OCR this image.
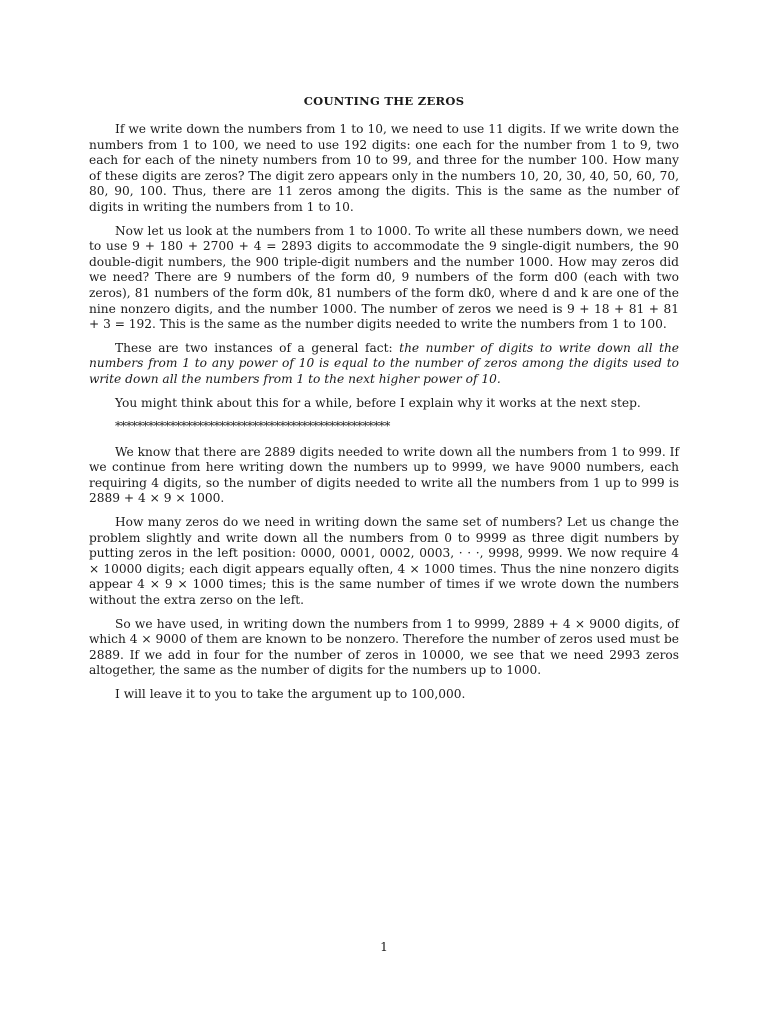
COUNTING THE ZEROS

If we write down the numbers from 1 to 10, we need to use 11 digits. If we write down the numbers from 1 to 100, we need to use 192 digits: one each for the number from 1 to 9, two each for each of the ninety numbers from 10 to 99, and three for the number 100. How many of these digits are zeros? The digit zero appears only in the numbers 10, 20, 30, 40, 50, 60, 70, 80, 90, 100. Thus, there are 11 zeros among the digits. This is the same as the number of digits in writing the numbers from 1 to 10.

Now let us look at the numbers from 1 to 1000. To write all these numbers down, we need to use 9 + 180 + 2700 + 4 = 2893 digits to accommodate the 9 single-digit numbers, the 90 double-digit numbers, the 900 triple-digit numbers and the number 1000. How may zeros did we need? There are 9 numbers of the form d0, 9 numbers of the form d00 (each with two zeros), 81 numbers of the form d0k, 81 numbers of the form dk0, where d and k are one of the nine nonzero digits, and the number 1000. The number of zeros we need is 9 + 18 + 81 + 81 + 3 = 192. This is the same as the number digits needed to write the numbers from 1 to 100.

These are two instances of a general fact: the number of digits to write down all the numbers from 1 to any power of 10 is equal to the number of zeros among the digits used to write down all the numbers from 1 to the next higher power of 10.

You might think about this for a while, before I explain why it works at the next step.

**************************************************

We know that there are 2889 digits needed to write down all the numbers from 1 to 999. If we continue from here writing down the numbers up to 9999, we have 9000 numbers, each requiring 4 digits, so the number of digits needed to write all the numbers from 1 up to 999 is 2889 + 4 × 9 × 1000.

How many zeros do we need in writing down the same set of numbers? Let us change the problem slightly and write down all the numbers from 0 to 9999 as three digit numbers by putting zeros in the left position: 0000, 0001, 0002, 0003, · · ·, 9998, 9999. We now require 4 × 10000 digits; each digit appears equally often, 4 × 1000 times. Thus the nine nonzero digits appear 4 × 9 × 1000 times; this is the same number of times if we wrote down the numbers without the extra zerso on the left.

So we have used, in writing down the numbers from 1 to 9999, 2889 + 4 × 9000 digits, of which 4 × 9000 of them are known to be nonzero. Therefore the number of zeros used must be 2889. If we add in four for the number of zeros in 10000, we see that we need 2993 zeros altogether, the same as the number of digits for the numbers up to 1000.

I will leave it to you to take the argument up to 100,000.

1
